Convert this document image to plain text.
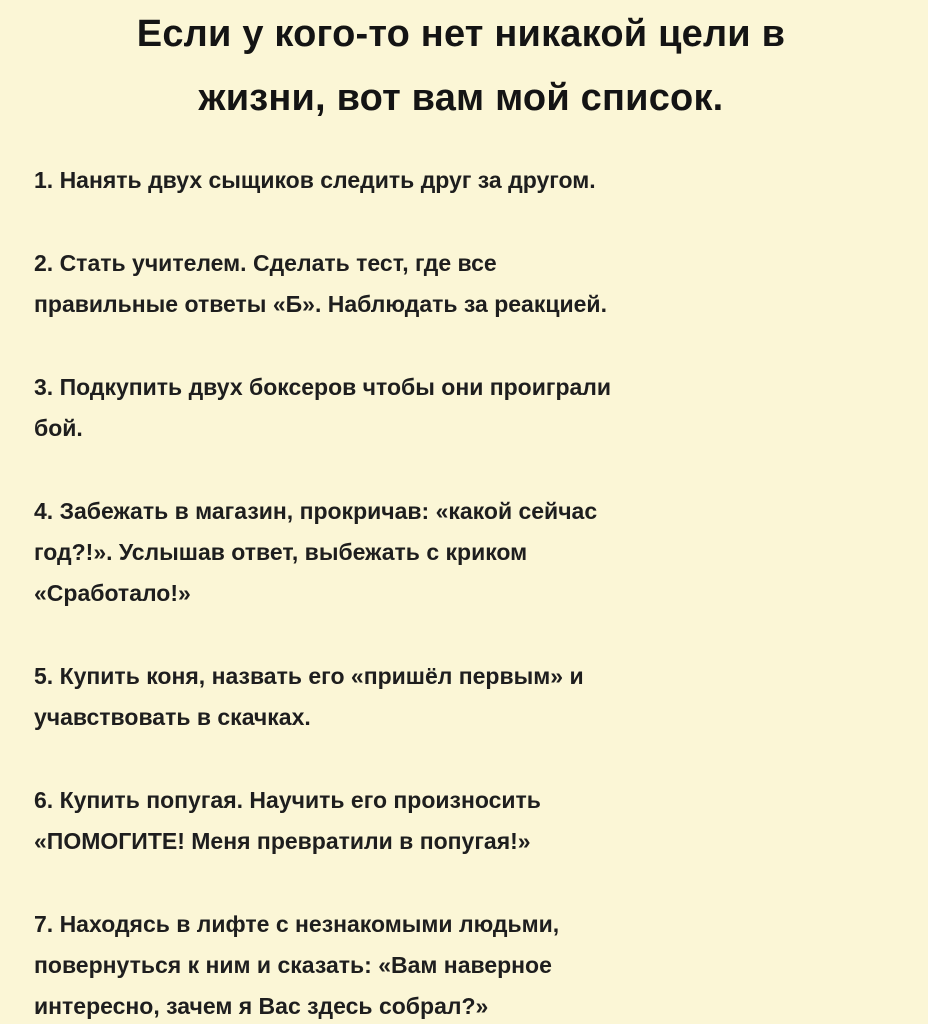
Если у кого-то нет никакой цели в
жизни, вот вам мой список.
1. Нанять двух сыщиков следить друг за другом.
2. Стать учителем. Сделать тест, где все
правильные ответы «Б». Наблюдать за реакцией.
3. Подкупить двух боксеров чтобы они проиграли
бой.
4. Забежать в магазин, прокричав: «какой сейчас
год?!». Услышав ответ, выбежать с криком
«Сработало!»
5. Купить коня, назвать его «пришёл первым» и
учавствовать в скачках.
6. Купить попугая. Научить его произносить
«ПОМОГИТЕ! Меня превратили в попугая!»
7. Находясь в лифте с незнакомыми людьми,
повернуться к ним и сказать: «Вам наверное
интересно, зачем я Вас здесь собрал?»
